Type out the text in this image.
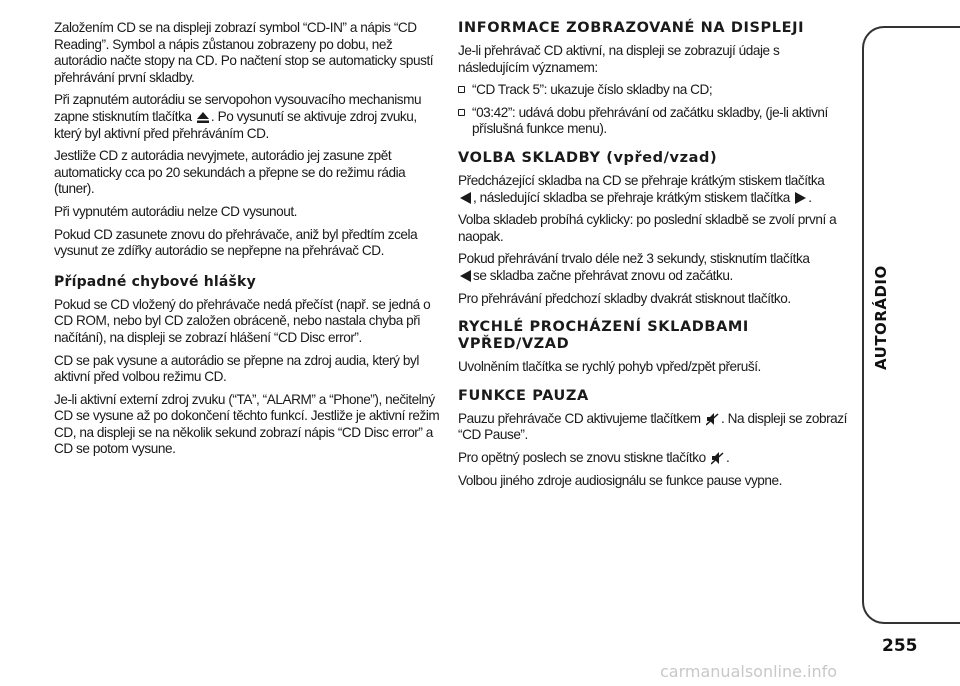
Založením CD se na displeji zobrazí symbol “CD-IN” a nápis “CD Reading”. Symbol a nápis zůstanou zobrazeny po dobu, než autorádio načte stopy na CD. Po načtení stop se automaticky spustí přehrávání první skladby.

Při zapnutém autorádiu se servopohon vysouvacího mechanismu zapne stisknutím tlačítka . Po vysunutí se aktivuje zdroj zvuku, který byl aktivní před přehráváním CD.

Jestliže CD z autorádia nevyjmete, autorádio jej zasune zpět automaticky cca po 20 sekundách a přepne se do režimu rádia (tuner).

Při vypnutém autorádiu nelze CD vysunout.

Pokud CD zasunete znovu do přehrávače, aniž byl předtím zcela vysunut ze zdířky autorádio se nepřepne na přehrávač CD.

Případné chybové hlášky

Pokud se CD vložený do přehrávače nedá přečíst (např. se jedná o CD ROM, nebo byl CD založen obráceně, nebo nastala chyba při načítání), na displeji se zobrazí hlášení “CD Disc error”.

CD se pak vysune a autorádio se přepne na zdroj audia, který byl aktivní před volbou režimu CD.

Je-li aktivní externí zdroj zvuku (“TA”, “ALARM” a “Phone”), nečitelný CD se vysune až po dokončení těchto funkcí. Jestliže je aktivní režim CD, na displeji se na několik sekund zobrazí nápis “CD Disc error” a CD se potom vysune.

INFORMACE ZOBRAZOVANÉ NA DISPLEJI

Je-li přehrávač CD aktivní, na displeji se zobrazují údaje s následujícím významem:

“CD Track 5”: ukazuje číslo skladby na CD;

“03:42”: udává dobu přehrávání od začátku skladby, (je-li aktivní příslušná funkce menu).

VOLBA SKLADBY (vpřed/vzad)

Předcházející skladba na CD se přehraje krátkým stiskem tlačítka
, následující skladba se přehraje krátkým stiskem tlačítka .

Volba skladeb probíhá cyklicky: po poslední skladbě se zvolí první a naopak.

Pokud přehrávání trvalo déle než 3 sekundy, stisknutím tlačítka
se skladba začne přehrávat znovu od začátku.

Pro přehrávání předchozí skladby dvakrát stisknout tlačítko.

RYCHLÉ PROCHÁZENÍ SKLADBAMI VPŘED/VZAD

Uvolněním tlačítka se rychlý pohyb vpřed/zpět přeruší.

FUNKCE PAUZA

Pauzu přehrávače CD aktivujeme tlačítkem . Na displeji se zobrazí “CD Pause”.

Pro opětný poslech se znovu stiskne tlačítko .

Volbou jiného zdroje audiosignálu se funkce pause vypne.

AUTORÁDIO
255
carmanualsonline.info
